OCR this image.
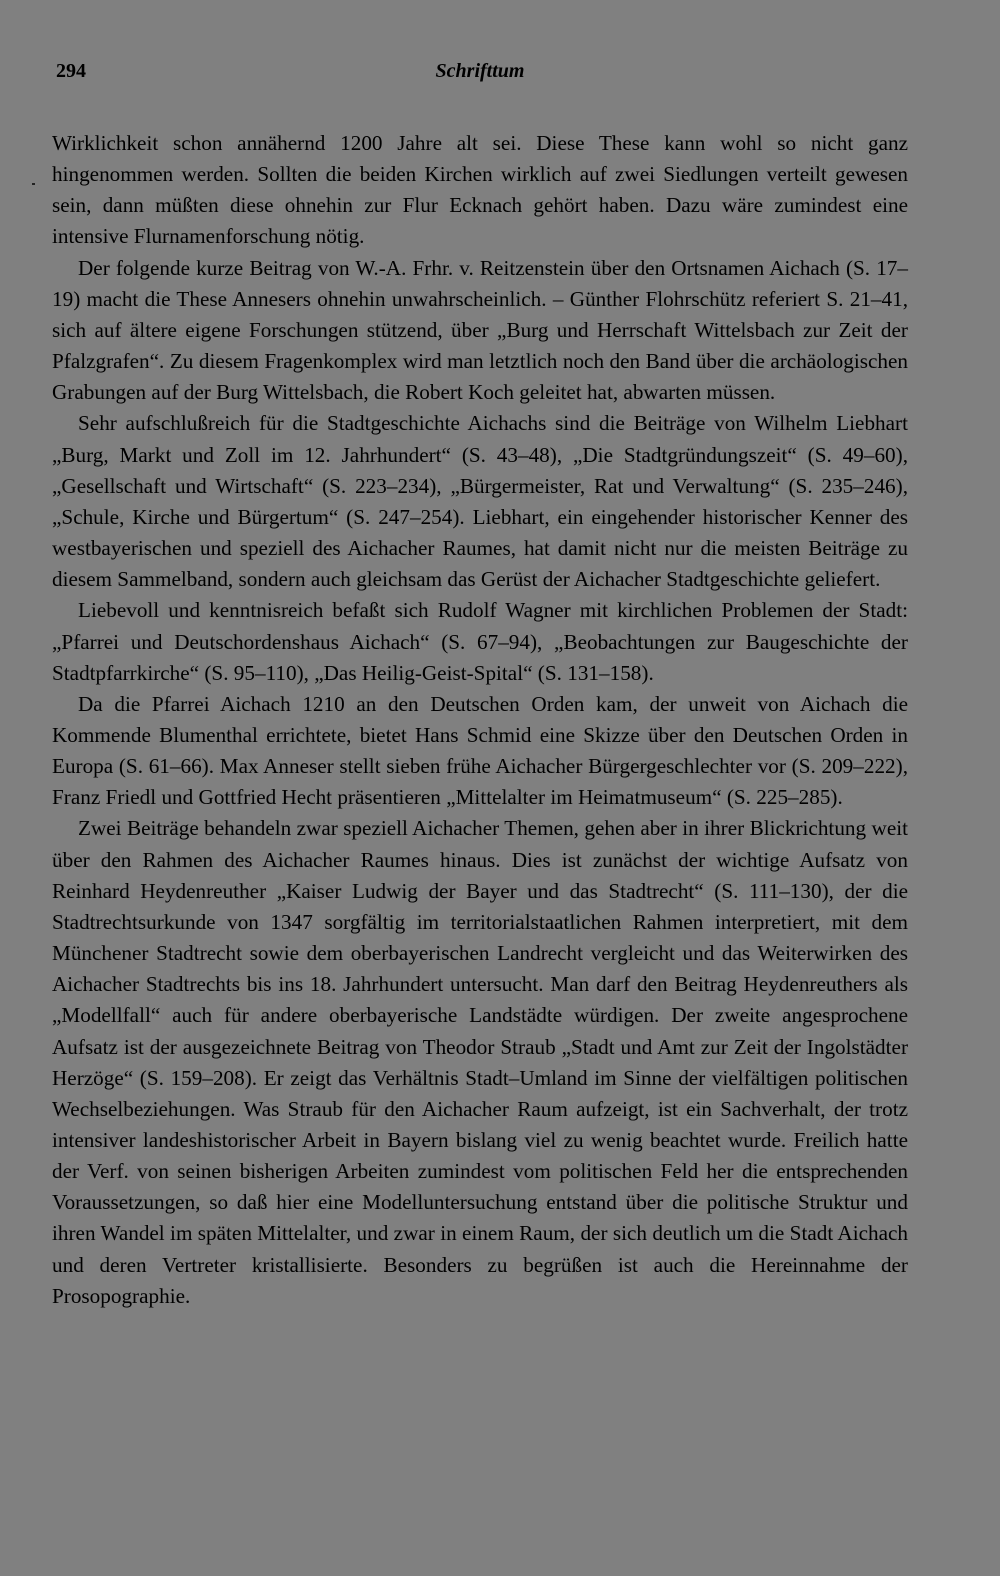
294	Schrifttum

Wirklichkeit schon annähernd 1200 Jahre alt sei. Diese These kann wohl so nicht ganz hingenommen werden. Sollten die beiden Kirchen wirklich auf zwei Siedlungen verteilt gewesen sein, dann müßten diese ohnehin zur Flur Ecknach gehört haben. Dazu wäre zumindest eine intensive Flurnamenforschung nötig.

Der folgende kurze Beitrag von W.-A. Frhr. v. Reitzenstein über den Ortsnamen Aichach (S. 17–19) macht die These Annesers ohnehin unwahrscheinlich. – Günther Flohrschütz referiert S. 21–41, sich auf ältere eigene Forschungen stützend, über „Burg und Herrschaft Wittelsbach zur Zeit der Pfalzgrafen“. Zu diesem Fragenkomplex wird man letztlich noch den Band über die archäologischen Grabungen auf der Burg Wittelsbach, die Robert Koch geleitet hat, abwarten müssen.

Sehr aufschlußreich für die Stadtgeschichte Aichachs sind die Beiträge von Wilhelm Liebhart „Burg, Markt und Zoll im 12. Jahrhundert“ (S. 43–48), „Die Stadtgründungszeit“ (S. 49–60), „Gesellschaft und Wirtschaft“ (S. 223–234), „Bürgermeister, Rat und Verwaltung“ (S. 235–246), „Schule, Kirche und Bürgertum“ (S. 247–254). Liebhart, ein eingehender historischer Kenner des westbayerischen und speziell des Aichacher Raumes, hat damit nicht nur die meisten Beiträge zu diesem Sammelband, sondern auch gleichsam das Gerüst der Aichacher Stadtgeschichte geliefert.

Liebevoll und kenntnisreich befaßt sich Rudolf Wagner mit kirchlichen Problemen der Stadt: „Pfarrei und Deutschordenshaus Aichach“ (S. 67–94), „Beobachtungen zur Baugeschichte der Stadtpfarrkirche“ (S. 95–110), „Das Heilig-Geist-Spital“ (S. 131–158).

Da die Pfarrei Aichach 1210 an den Deutschen Orden kam, der unweit von Aichach die Kommende Blumenthal errichtete, bietet Hans Schmid eine Skizze über den Deutschen Orden in Europa (S. 61–66). Max Anneser stellt sieben frühe Aichacher Bürgergeschlechter vor (S. 209–222), Franz Friedl und Gottfried Hecht präsentieren „Mittelalter im Heimatmuseum“ (S. 225–285).

Zwei Beiträge behandeln zwar speziell Aichacher Themen, gehen aber in ihrer Blickrichtung weit über den Rahmen des Aichacher Raumes hinaus. Dies ist zunächst der wichtige Aufsatz von Reinhard Heydenreuther „Kaiser Ludwig der Bayer und das Stadtrecht“ (S. 111–130), der die Stadtrechtsurkunde von 1347 sorgfältig im territorialstaatlichen Rahmen interpretiert, mit dem Münchener Stadtrecht sowie dem oberbayerischen Landrecht vergleicht und das Weiterwirken des Aichacher Stadtrechts bis ins 18. Jahrhundert untersucht. Man darf den Beitrag Heydenreuthers als „Modellfall“ auch für andere oberbayerische Landstädte würdigen. Der zweite angesprochene Aufsatz ist der ausgezeichnete Beitrag von Theodor Straub „Stadt und Amt zur Zeit der Ingolstädter Herzöge“ (S. 159–208). Er zeigt das Verhältnis Stadt–Umland im Sinne der vielfältigen politischen Wechselbeziehungen. Was Straub für den Aichacher Raum aufzeigt, ist ein Sachverhalt, der trotz intensiver landeshistorischer Arbeit in Bayern bislang viel zu wenig beachtet wurde. Freilich hatte der Verf. von seinen bisherigen Arbeiten zumindest vom politischen Feld her die entsprechenden Voraussetzungen, so daß hier eine Modelluntersuchung entstand über die politische Struktur und ihren Wandel im späten Mittelalter, und zwar in einem Raum, der sich deutlich um die Stadt Aichach und deren Vertreter kristallisierte. Besonders zu begrüßen ist auch die Hereinnahme der Prosopographie.
